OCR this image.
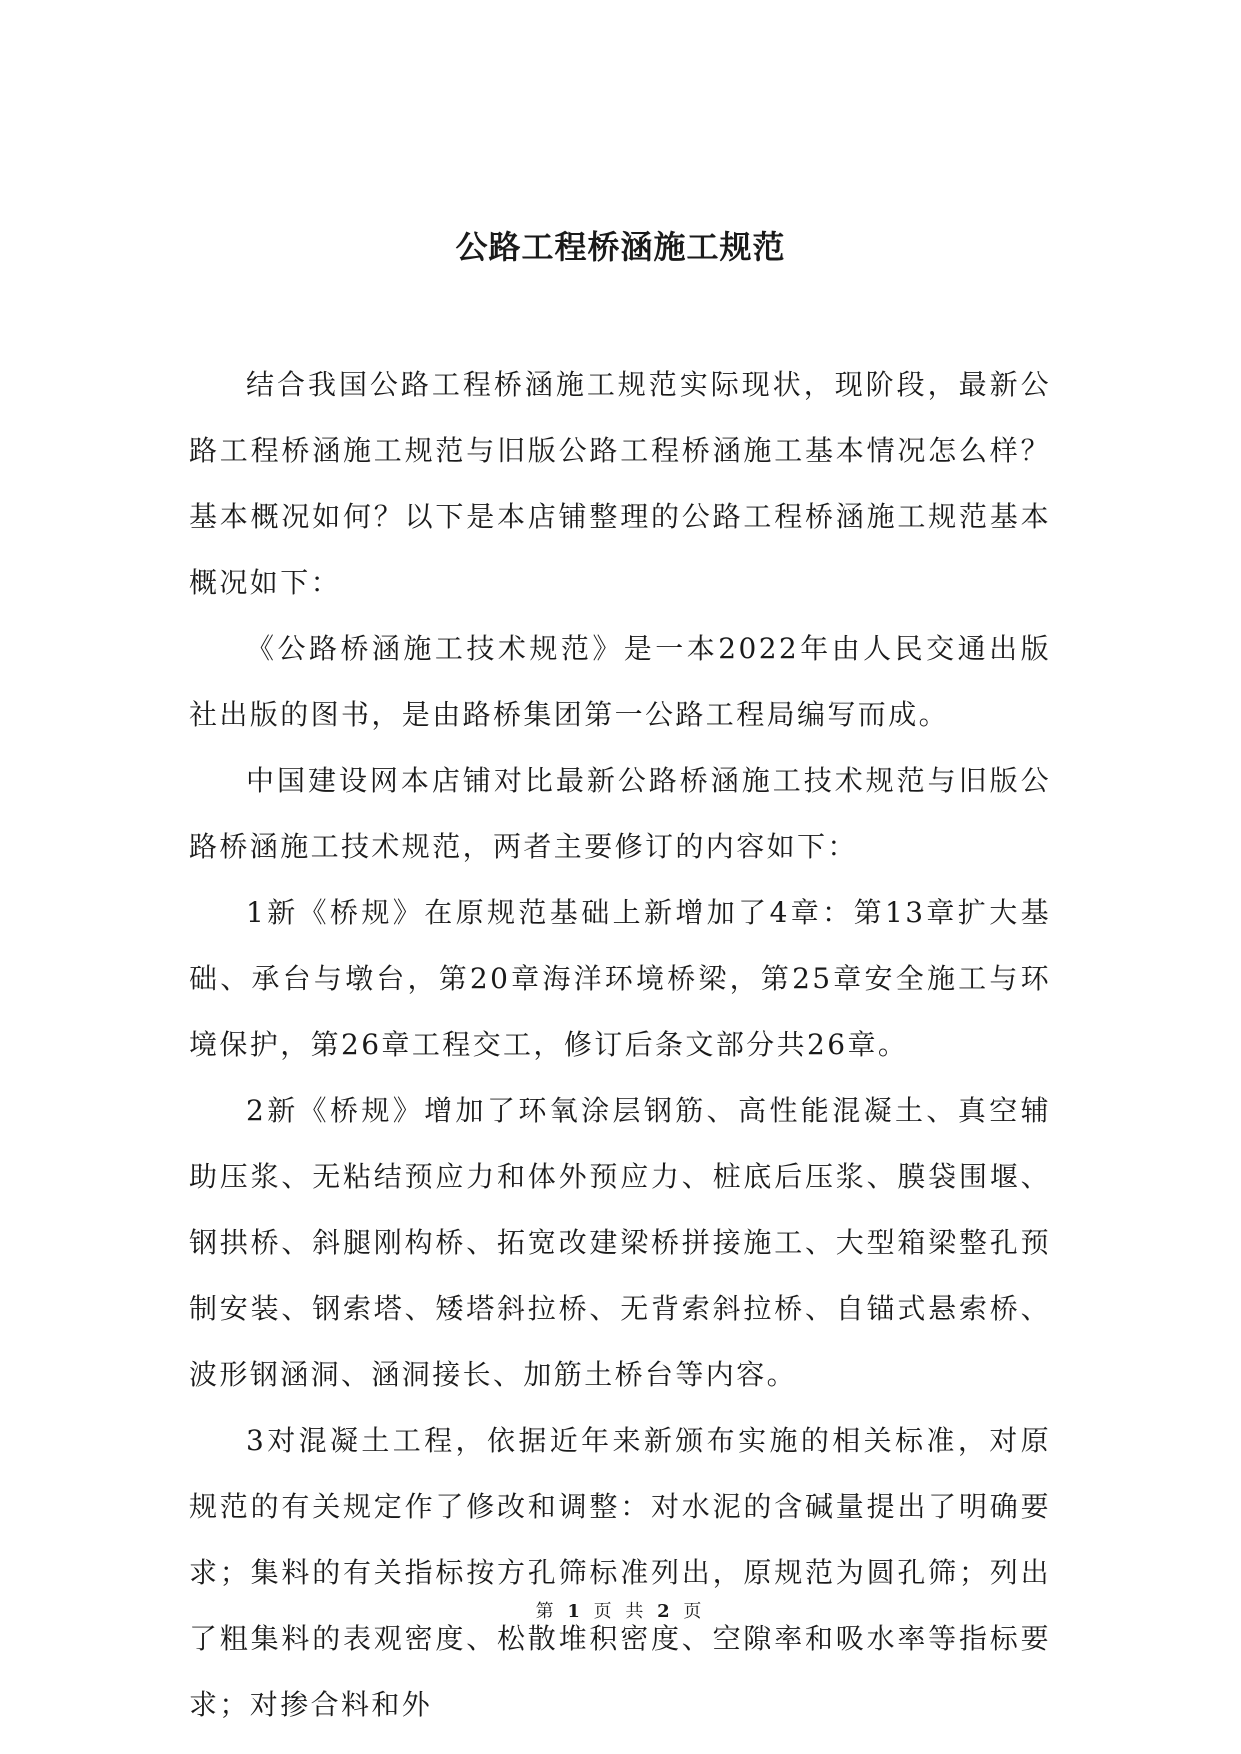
公路工程桥涵施工规范

结合我国公路工程桥涵施工规范实际现状，现阶段，最新公路工程桥涵施工规范与旧版公路工程桥涵施工基本情况怎么样？基本概况如何？以下是本店铺整理的公路工程桥涵施工规范基本概况如下：

《公路桥涵施工技术规范》是一本2022年由人民交通出版社出版的图书，是由路桥集团第一公路工程局编写而成。

中国建设网本店铺对比最新公路桥涵施工技术规范与旧版公路桥涵施工技术规范，两者主要修订的内容如下：

1新《桥规》在原规范基础上新增加了4章：第13章扩大基础、承台与墩台，第20章海洋环境桥梁，第25章安全施工与环境保护，第26章工程交工，修订后条文部分共26章。

2新《桥规》增加了环氧涂层钢筋、高性能混凝土、真空辅助压浆、无粘结预应力和体外预应力、桩底后压浆、膜袋围堰、钢拱桥、斜腿刚构桥、拓宽改建梁桥拼接施工、大型箱梁整孔预制安装、钢索塔、矮塔斜拉桥、无背索斜拉桥、自锚式悬索桥、波形钢涵洞、涵洞接长、加筋土桥台等内容。

3对混凝土工程，依据近年来新颁布实施的相关标准，对原规范的有关规定作了修改和调整：对水泥的含碱量提出了明确要求；集料的有关指标按方孔筛标准列出，原规范为圆孔筛；列出了粗集料的表观密度、松散堆积密度、空隙率和吸水率等指标要求；对掺合料和外

第 1 页 共 2 页
